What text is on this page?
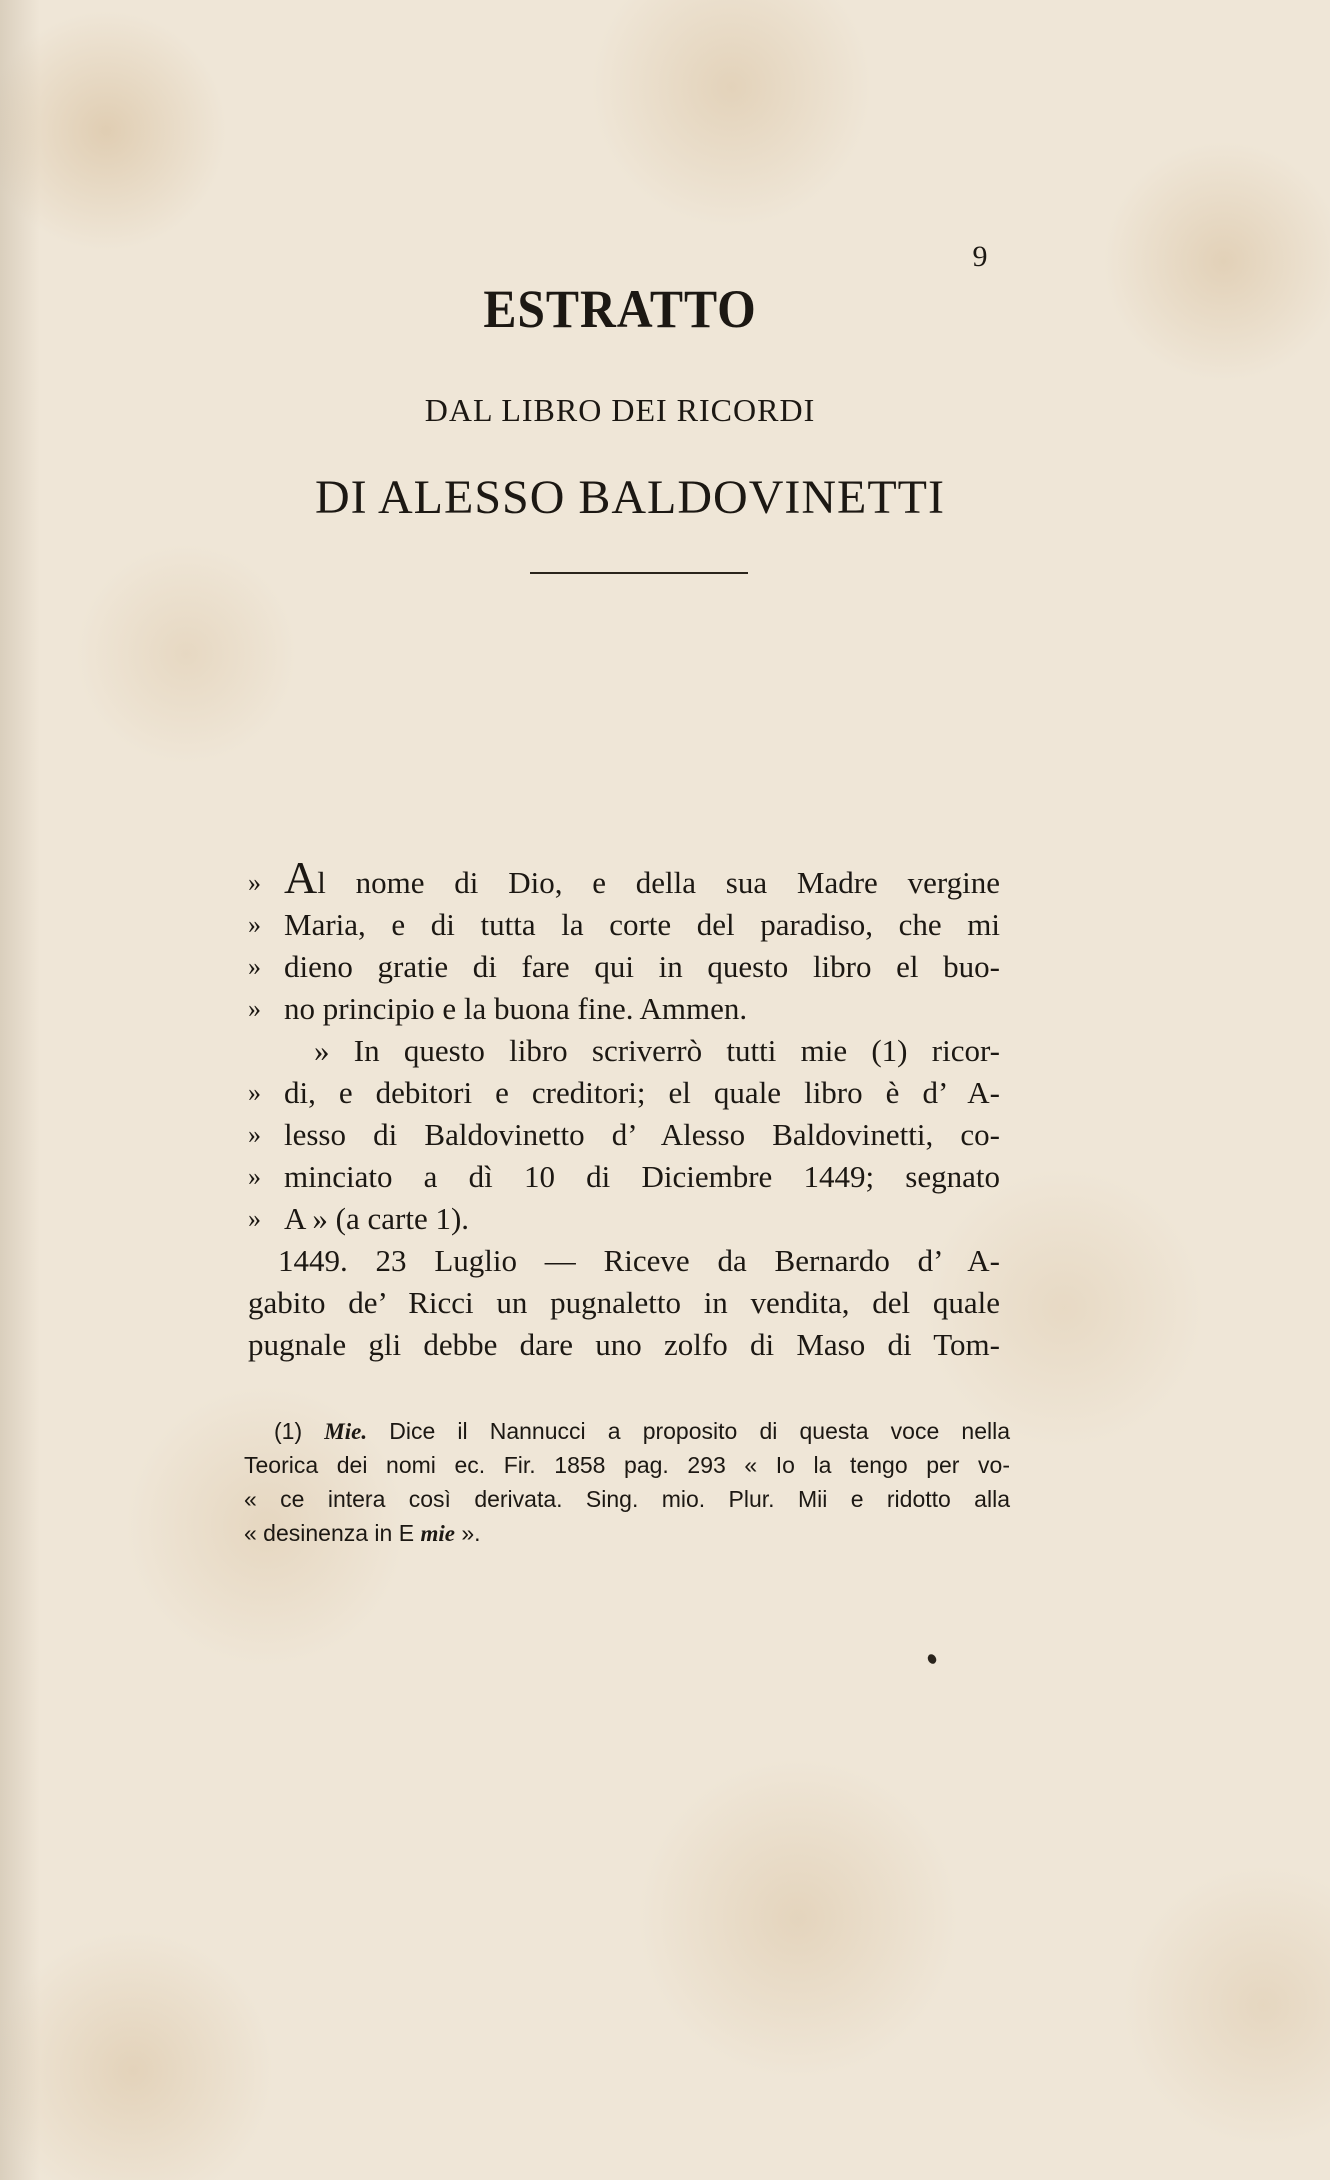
9
ESTRATTO
DAL LIBRO DEI RICORDI
DI ALESSO BALDOVINETTI
» Al nome di Dio, e della sua Madre vergine
» Maria, e di tutta la corte del paradiso, che mi
» dieno gratie di fare qui in questo libro el buo-
» no principio e la buona fine. Ammen.
» In questo libro scriverrò tutti mie (1) ricor-
» di, e debitori e creditori; el quale libro è d’ A-
» lesso di Baldovinetto d’ Alesso Baldovinetti, co-
» minciato a dì 10 di Diciembre 1449; segnato
» A » (a carte 1).
1449. 23 Luglio — Riceve da Bernardo d’ A-
gabito de’ Ricci un pugnaletto in vendita, del quale
pugnale gli debbe dare uno zolfo di Maso di Tom-
(1) Mie. Dice il Nannucci a proposito di questa voce nella
Teorica dei nomi ec. Fir. 1858 pag. 293 « Io la tengo per vo-
« ce intera così derivata. Sing. mio. Plur. Mii e ridotto alla
« desinenza in E mie ».
